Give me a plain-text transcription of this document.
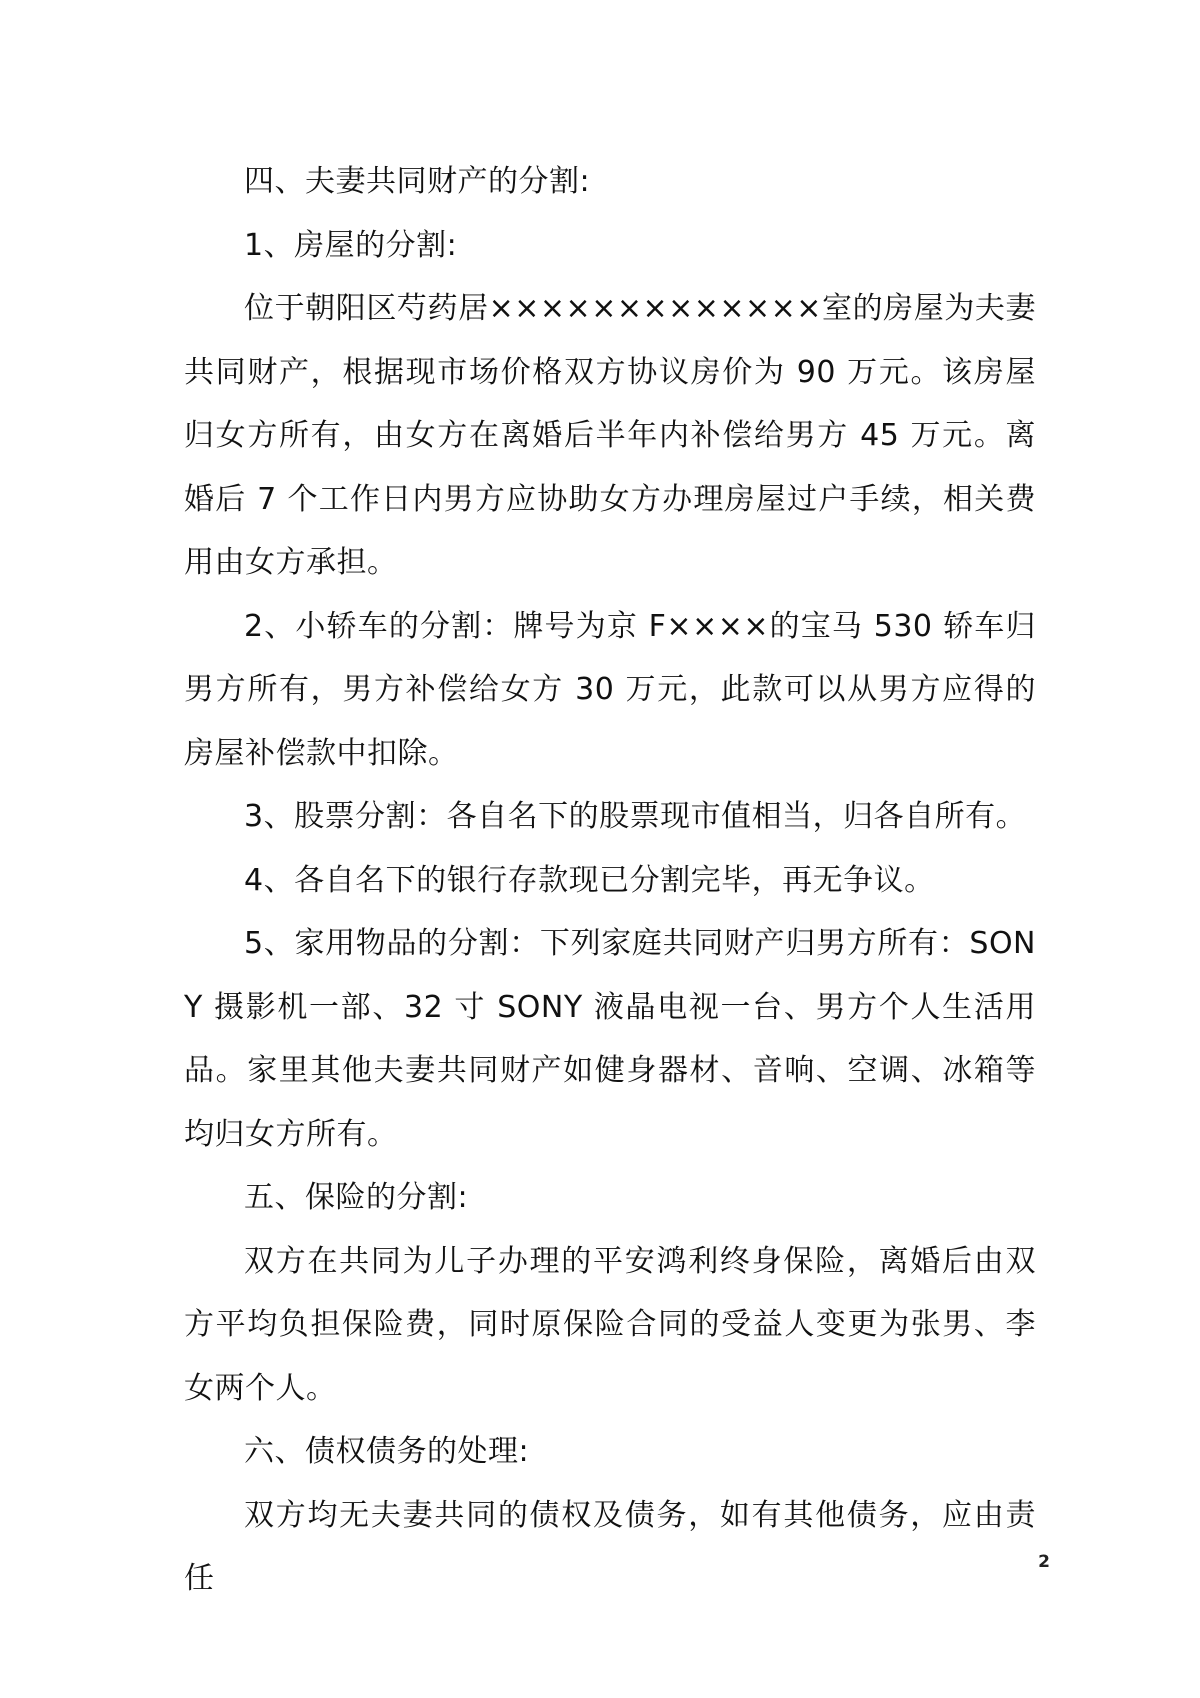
四、夫妻共同财产的分割:

1、房屋的分割:

位于朝阳区芍药居×××××××××××××室的房屋为夫妻共同财产，根据现市场价格双方协议房价为 90 万元。该房屋归女方所有，由女方在离婚后半年内补偿给男方 45 万元。离婚后 7 个工作日内男方应协助女方办理房屋过户手续，相关费用由女方承担。

2、小轿车的分割：牌号为京 F××××的宝马 530 轿车归男方所有，男方补偿给女方 30 万元，此款可以从男方应得的房屋补偿款中扣除。

3、股票分割：各自名下的股票现市值相当，归各自所有。

4、各自名下的银行存款现已分割完毕，再无争议。

5、家用物品的分割：下列家庭共同财产归男方所有：SONY 摄影机一部、32 寸 SONY 液晶电视一台、男方个人生活用品。家里其他夫妻共同财产如健身器材、音响、空调、冰箱等均归女方所有。

五、保险的分割:

双方在共同为儿子办理的平安鸿利终身保险，离婚后由双方平均负担保险费，同时原保险合同的受益人变更为张男、李女两个人。

六、债权债务的处理:

双方均无夫妻共同的债权及债务，如有其他债务，应由责任	2
